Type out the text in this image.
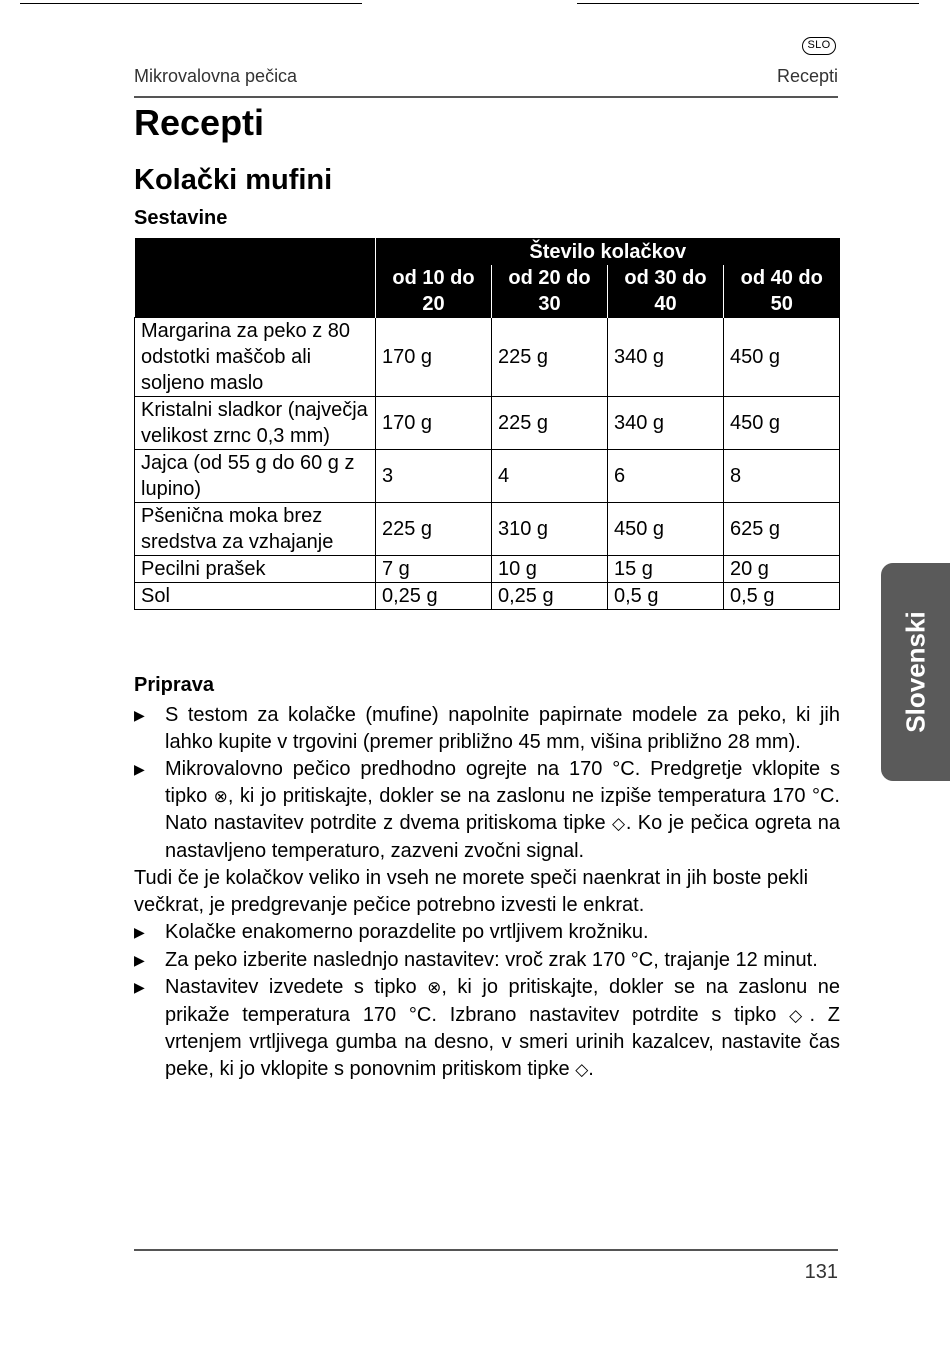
SLO
Mikrovalovna pečica	Recepti
Recepti
Kolački mufini
Sestavine
	Število kolačkov			
	od 10 do 20	od 20 do 30	od 30 do 40	od 40 do 50
Margarina za peko z 80 odstotki maščob ali soljeno maslo	170 g	225 g	340 g	450 g
Kristalni sladkor (največja velikost zrnc 0,3 mm)	170 g	225 g	340 g	450 g
Jajca (od 55 g do 60 g z lupino)	3	4	6	8
Pšenična moka brez sredstva za vzhajanje	225 g	310 g	450 g	625 g
Pecilni prašek	7 g	10 g	15 g	20 g
Sol	0,25 g	0,25 g	0,5 g	0,5 g
Priprava

▶ S testom za kolačke (mufine) napolnite papirnate modele za peko, ki jih lahko kupite v trgovini (premer približno 45 mm, višina približno 28 mm).

▶ Mikrovalovno pečico predhodno ogrejte na 170 °C. Predgretje vklopite s tipko ⊗, ki jo pritiskajte, dokler se na zaslonu ne izpiše temperatura 170 °C. Nato nastavitev potrdite z dvema pritiskoma tipke ◇. Ko je pečica ogreta na nastavljeno temperaturo, zazveni zvočni signal.

Tudi če je kolačkov veliko in vseh ne morete speči naenkrat in jih boste pekli večkrat, je predgrevanje pečice potrebno izvesti le enkrat.

▶ Kolačke enakomerno porazdelite po vrtljivem krožniku.

▶ Za peko izberite naslednjo nastavitev: vroč zrak 170 °C, trajanje 12 minut.

▶ Nastavitev izvedete s tipko ⊗, ki jo pritiskajte, dokler se na zaslonu ne prikaže temperatura 170 °C. Izbrano nastavitev potrdite s tipko ◇. Z vrtenjem vrtljivega gumba na desno, v smeri urinih kazalcev, nastavite čas peke, ki jo vklopite s ponovnim pritiskom tipke ◇.

Slovenski
131
